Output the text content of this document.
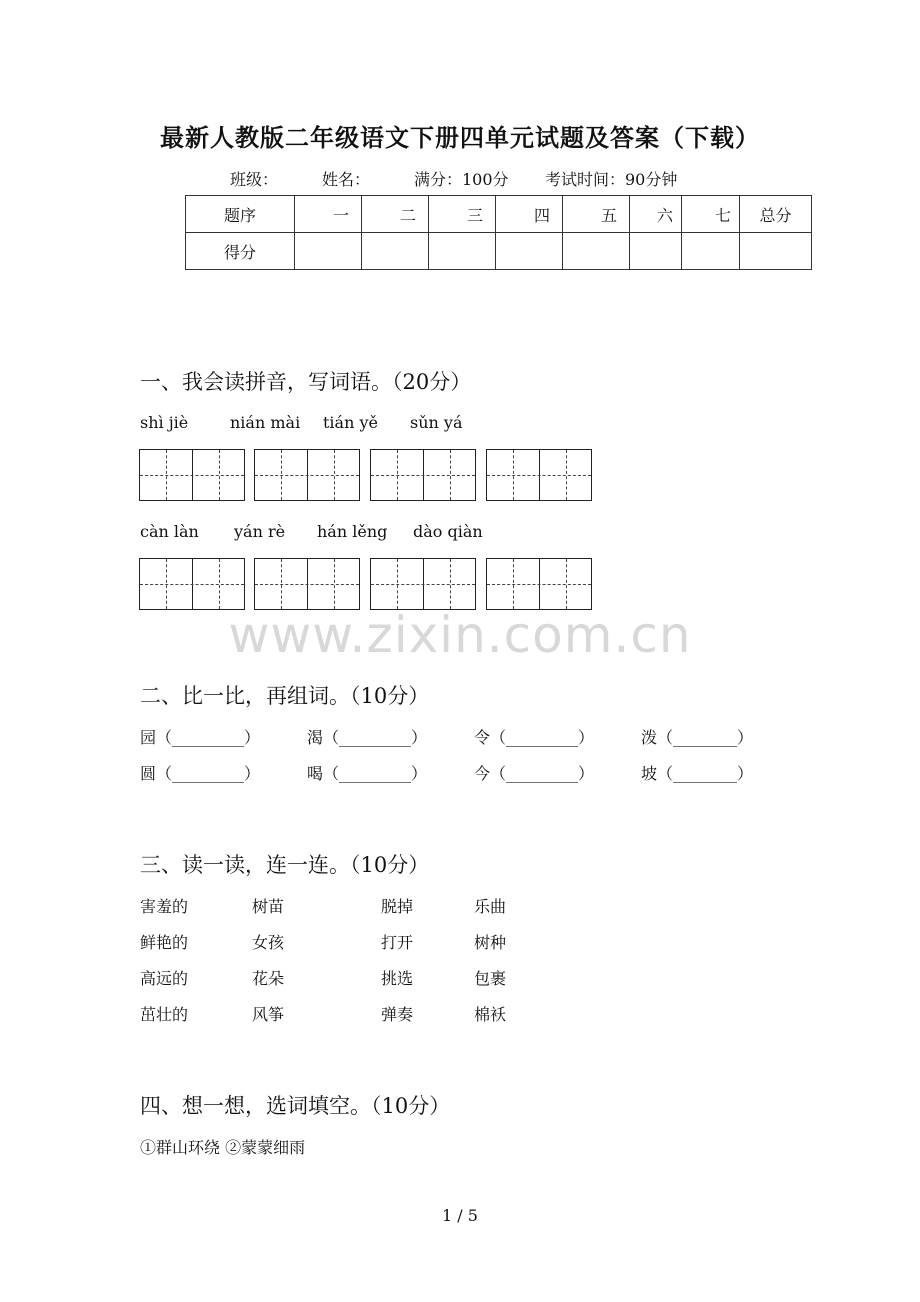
最新人教版二年级语文下册四单元试题及答案（下载）
班级：	姓名：	满分：100分 考试时间：90分钟
题序	一	二	三	四	五	六	七	总分
得分								
一、我会读拼音，写词语。（20分）
shì jiè	nián mài tián yě sǔn yá
càn làn yán rè hán lěng dào qiàn
www.zixin.com.cn
二、比一比，再组词。（10分）
园（_________）	渴（_________）	令（_________）	泼（________）
圆（_________）	喝（_________）	今（_________）	坡（________）
三、读一读，连一连。（10分）
害羞的	树苗	脱掉	乐曲
鲜艳的	女孩	打开	树种
高远的	花朵	挑选	包裹
茁壮的	风筝	弹奏	棉袄
四、想一想，选词填空。（10分）
①群山环绕 ②蒙蒙细雨
1 / 5
